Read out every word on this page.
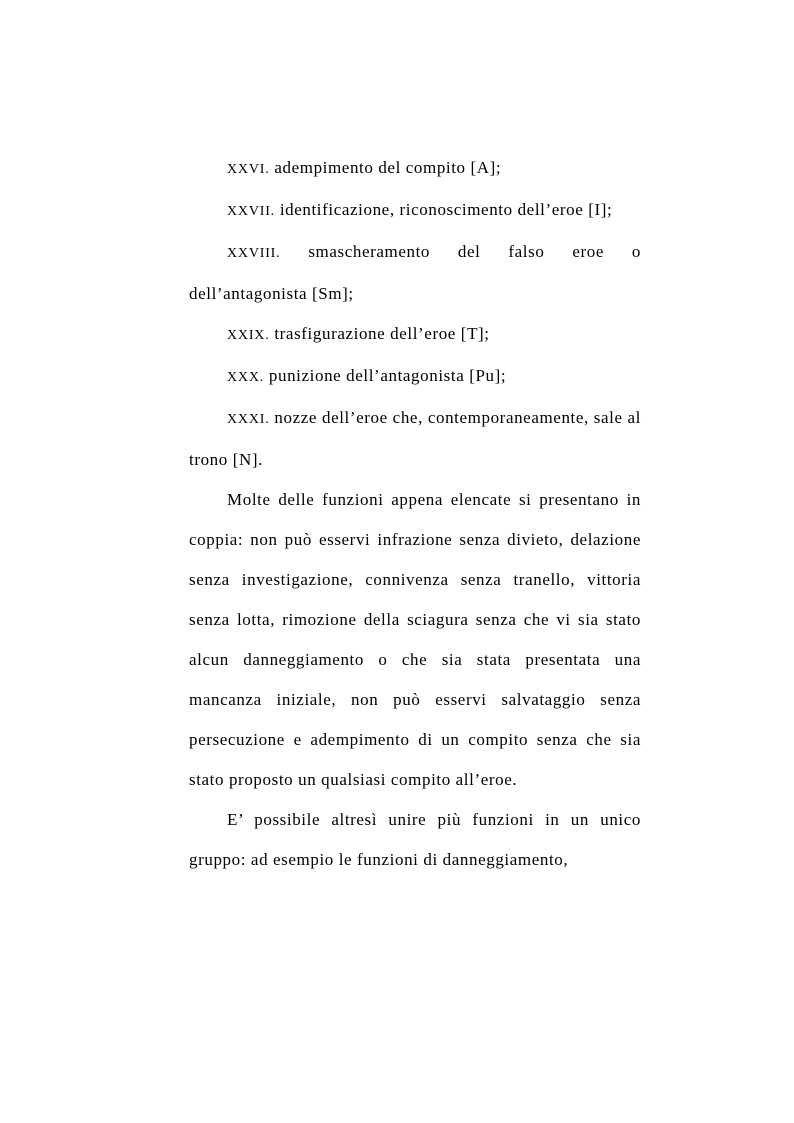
XXVI. adempimento del compito [A];

XXVII. identificazione, riconoscimento dell’eroe [I];

XXVIII. smascheramento del falso eroe o dell’antagonista [Sm];

XXIX. trasfigurazione dell’eroe [T];

XXX. punizione dell’antagonista [Pu];

XXXI. nozze dell’eroe che, contemporaneamente, sale al trono [N].

Molte delle funzioni appena elencate si presentano in coppia: non può esservi infrazione senza divieto, delazione senza investigazione, connivenza senza tranello, vittoria senza lotta, rimozione della sciagura senza che vi sia stato alcun danneggiamento o che sia stata presentata una mancanza iniziale, non può esservi salvataggio senza persecuzione e adempimento di un compito senza che sia stato proposto un qualsiasi compito all’eroe.

E’ possibile altresì unire più funzioni in un unico gruppo: ad esempio le funzioni di danneggiamento,
